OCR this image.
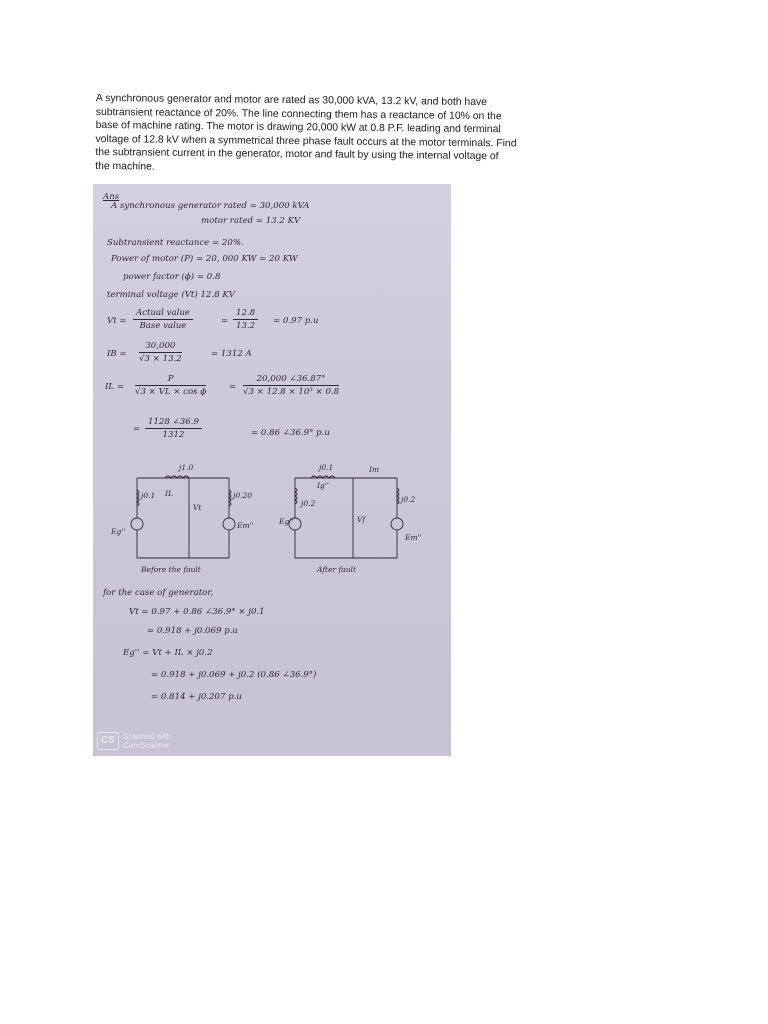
A synchronous generator and motor are rated as 30,000 kVA, 13.2 kV, and both have

subtransient reactance of 20%. The line connecting them has a reactance of 10% on the

base of machine rating. The motor is drawing 20,000 kW at 0.8 P.F. leading and terminal

voltage of 12.8 kV when a symmetrical three phase fault occurs at the motor terminals. Find

the subtransient current in the generator, motor and fault by using the internal voltage of

the machine.

Ans
A synchronous generator rated = 30,000 kVA
motor rated = 13.2 KV
Subtransient reactance = 20%.
Power of motor (P) = 20, 000 KW = 20 KW
power factor (ϕ) = 0.8
terminal voltage (Vt) 12.8 KV
Vt =
Actual value
Base value	= $\frac{12.8}{13.2} = 0.97$ p.u
IB = $\frac{30,000}{√3 \times 13.2}$	= 1312 A
IL = $\frac{P}{\text{√3 × VL × cos ϕ}}$	= $\frac{20,000 \angle 36.87^\circ}{\text{√3 × 12.8 × 10³ × 0.8}}$
= $\frac{1128 \angle 36.9}{1312}$	= 0.86 ∠36.9° p.u
j1.0
j0.1 IL	j0.20
Vt
Em''
Eg''
Before the fault
j0.1	Im
Ig''
j0.2
Vf
j0.2
Eg''
Em''
After fault
for the case of generator,
Vt = 0.97 + 0.86 ∠36.9° × j0.1
= 0.918 + j0.069 p.u
Eg'' = Vt + IL × j0.2
= 0.918 + j0.069 + j0.2 (0.86 ∠36.9°)
= 0.814 + j0.207 p.u
CS	Scanned with
CamScanner
